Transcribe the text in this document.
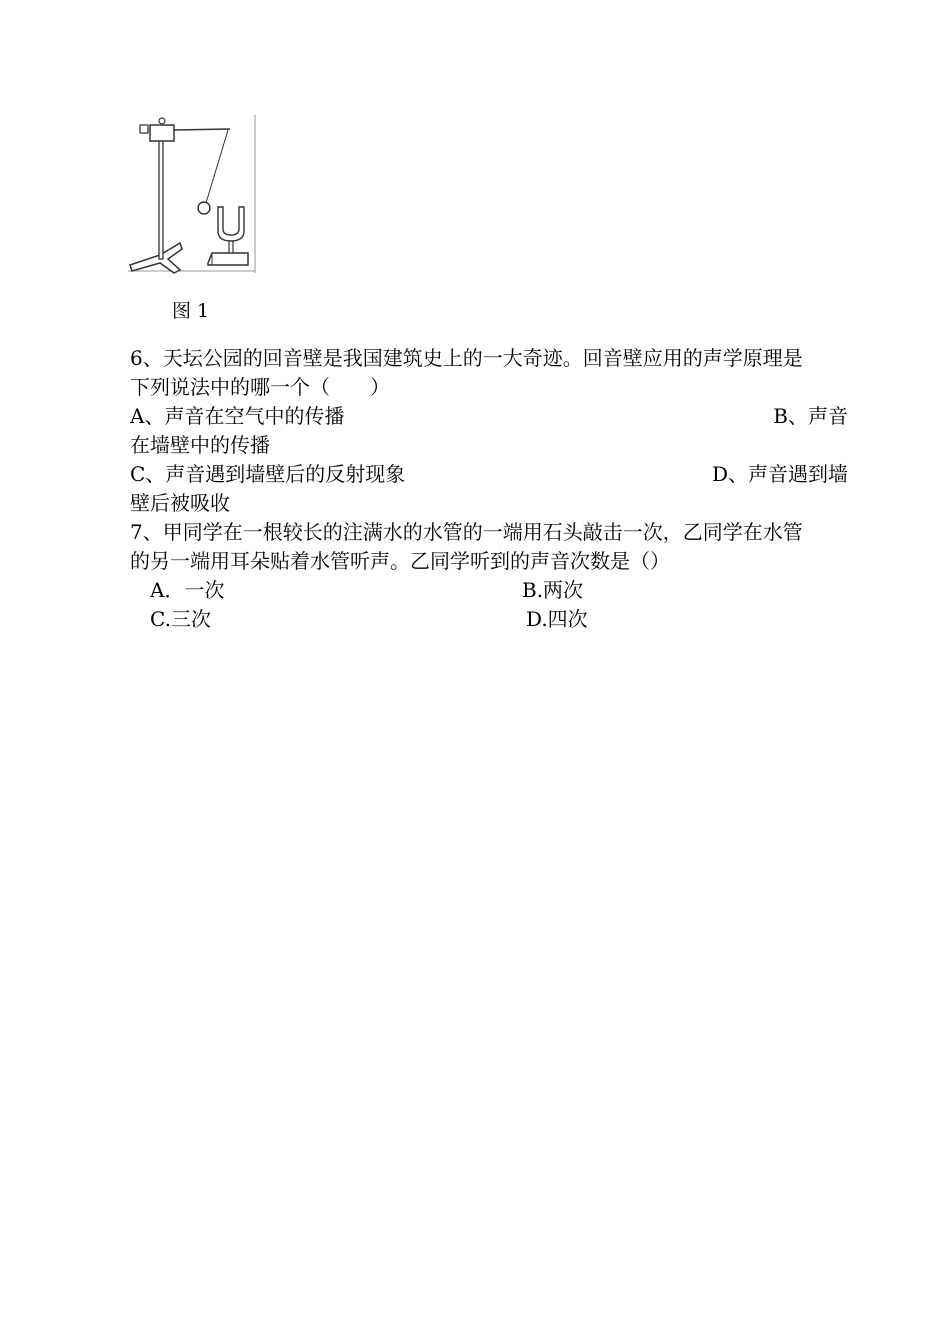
图 1
6、天坛公园的回音壁是我国建筑史上的一大奇迹。回音壁应用的声学原理是
下列说法中的哪一个（　　）
A、声音在空气中的传播	B、声音
在墙壁中的传播
C、声音遇到墙壁后的反射现象	D、声音遇到墙
壁后被吸收
7、甲同学在一根较长的注满水的水管的一端用石头敲击一次，乙同学在水管
的另一端用耳朵贴着水管听声。乙同学听到的声音次数是（）
A．一次	B.两次
C.三次	D.四次
